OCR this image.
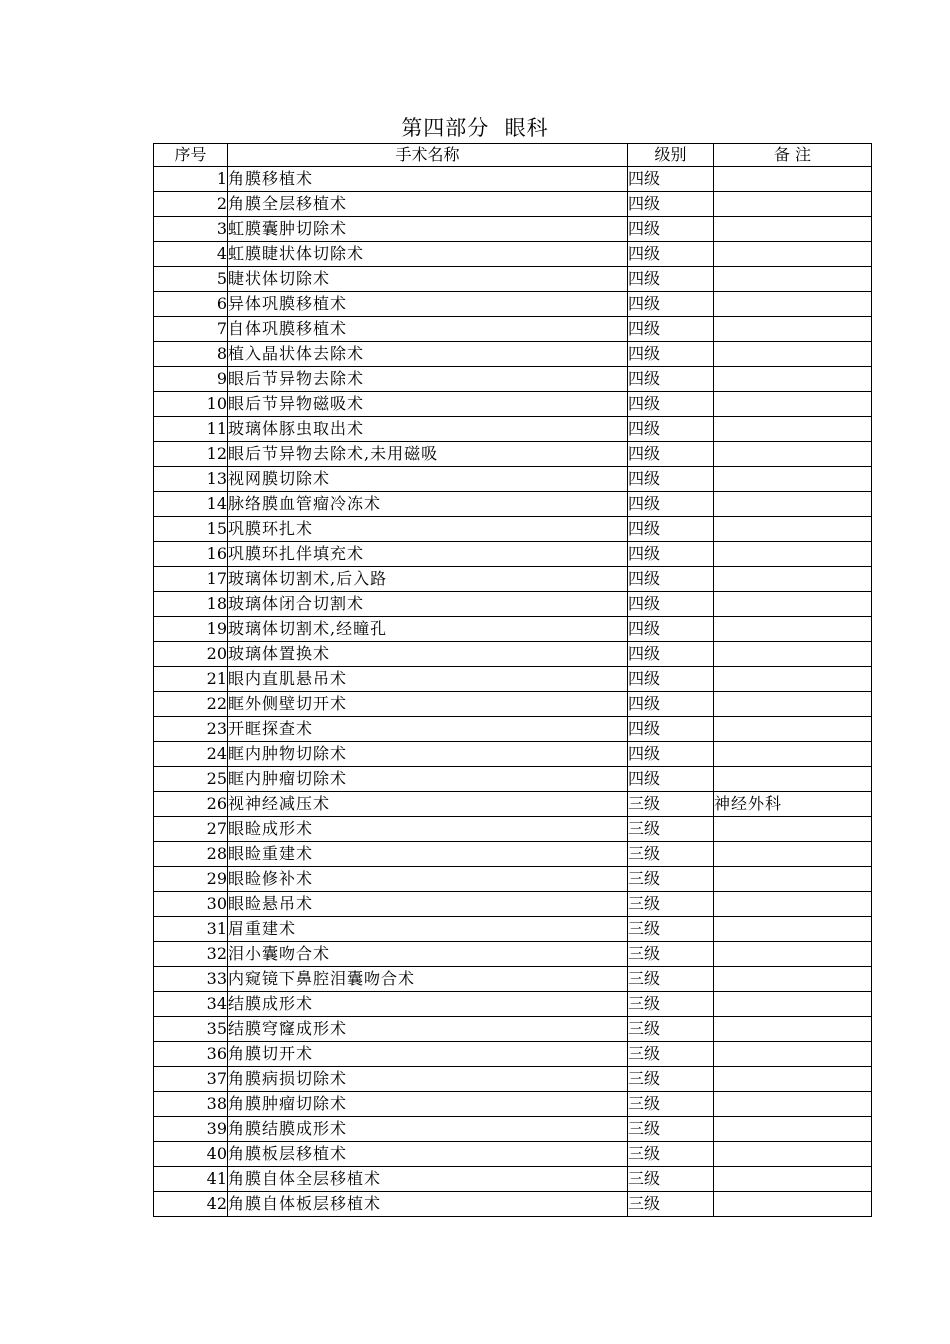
第四部分  眼科
序号	手术名称	级别	备 注
1	角膜移植术	四级	
2	角膜全层移植术	四级	
3	虹膜囊肿切除术	四级	
4	虹膜睫状体切除术	四级	
5	睫状体切除术	四级	
6	异体巩膜移植术	四级	
7	自体巩膜移植术	四级	
8	植入晶状体去除术	四级	
9	眼后节异物去除术	四级	
10	眼后节异物磁吸术	四级	
11	玻璃体豚虫取出术	四级	
12	眼后节异物去除术,未用磁吸	四级	
13	视网膜切除术	四级	
14	脉络膜血管瘤冷冻术	四级	
15	巩膜环扎术	四级	
16	巩膜环扎伴填充术	四级	
17	玻璃体切割术,后入路	四级	
18	玻璃体闭合切割术	四级	
19	玻璃体切割术,经瞳孔	四级	
20	玻璃体置换术	四级	
21	眼内直肌悬吊术	四级	
22	眶外侧壁切开术	四级	
23	开眶探查术	四级	
24	眶内肿物切除术	四级	
25	眶内肿瘤切除术	四级	
26	视神经减压术	三级	神经外科
27	眼睑成形术	三级	
28	眼睑重建术	三级	
29	眼睑修补术	三级	
30	眼睑悬吊术	三级	
31	眉重建术	三级	
32	泪小囊吻合术	三级	
33	内窥镜下鼻腔泪囊吻合术	三级	
34	结膜成形术	三级	
35	结膜穹窿成形术	三级	
36	角膜切开术	三级	
37	角膜病损切除术	三级	
38	角膜肿瘤切除术	三级	
39	角膜结膜成形术	三级	
40	角膜板层移植术	三级	
41	角膜自体全层移植术	三级	
42	角膜自体板层移植术	三级	
